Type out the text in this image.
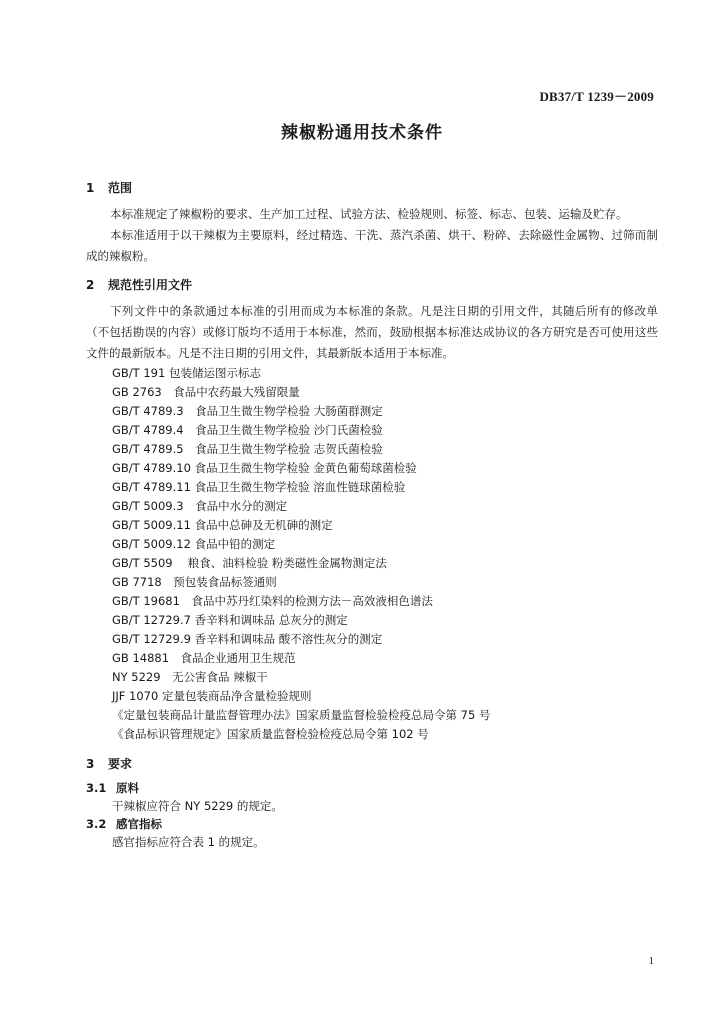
DB37/T 1239－2009
辣椒粉通用技术条件
1 范围

本标准规定了辣椒粉的要求、生产加工过程、试验方法、检验规则、标签、标志、包装、运输及贮存。

本标准适用于以干辣椒为主要原料，经过精选、干洗、蒸汽杀菌、烘干、粉碎、去除磁性金属物、过筛而制成的辣椒粉。

2 规范性引用文件

下列文件中的条款通过本标准的引用而成为本标准的条款。凡是注日期的引用文件，其随后所有的修改单（不包括勘误的内容）或修订版均不适用于本标准，然而，鼓励根据本标准达成协议的各方研究是否可使用这些文件的最新版本。凡是不注日期的引用文件，其最新版本适用于本标准。

GB/T 191 包装储运图示标志
GB 2763　食品中农药最大残留限量
GB/T 4789.3　食品卫生微生物学检验 大肠菌群测定
GB/T 4789.4　食品卫生微生物学检验 沙门氏菌检验
GB/T 4789.5　食品卫生微生物学检验 志贺氏菌检验
GB/T 4789.10 食品卫生微生物学检验 金黄色葡萄球菌检验
GB/T 4789.11 食品卫生微生物学检验 溶血性链球菌检验
GB/T 5009.3　食品中水分的测定
GB/T 5009.11 食品中总砷及无机砷的测定
GB/T 5009.12 食品中铅的测定
GB/T 5509　 粮食、油料检验 粉类磁性金属物测定法
GB 7718　预包装食品标签通则
GB/T 19681　食品中苏丹红染料的检测方法－高效液相色谱法
GB/T 12729.7 香辛料和调味品 总灰分的测定
GB/T 12729.9 香辛料和调味品 酸不溶性灰分的测定
GB 14881　食品企业通用卫生规范
NY 5229　无公害食品 辣椒干
JJF 1070 定量包装商品净含量检验规则
《定量包装商品计量监督管理办法》国家质量监督检验检疫总局令第 75 号
《食品标识管理规定》国家质量监督检验检疫总局令第 102 号
3 要求
3.1 原料

干辣椒应符合 NY 5229 的规定。

3.2 感官指标

感官指标应符合表 1 的规定。

1
